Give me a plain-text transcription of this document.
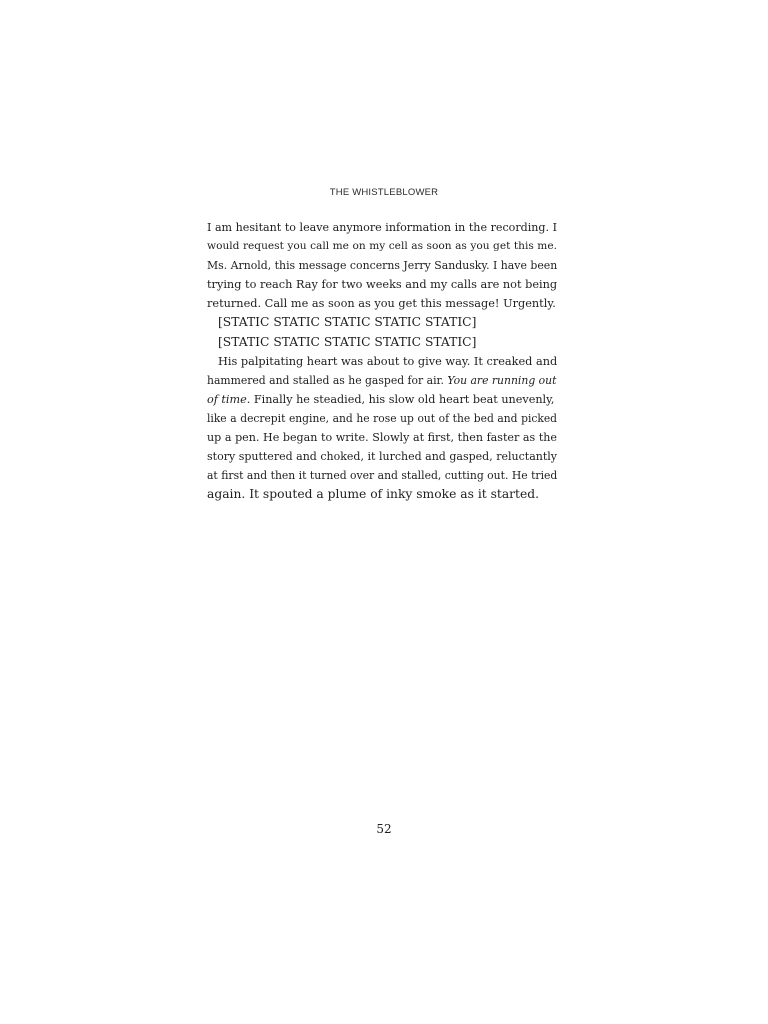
THE WHISTLEBLOWER
I am hesitant to leave anymore information in the recording. I
would request you call me on my cell as soon as you get this me.
Ms. Arnold, this message concerns Jerry Sandusky. I have been
trying to reach Ray for two weeks and my calls are not being
returned. Call me as soon as you get this message! Urgently.
[STATIC STATIC STATIC STATIC STATIC]
[STATIC STATIC STATIC STATIC STATIC]
His palpitating heart was about to give way. It creaked and
hammered and stalled as he gasped for air. You are running out
of time. Finally he steadied, his slow old heart beat unevenly,
like a decrepit engine, and he rose up out of the bed and picked
up a pen. He began to write. Slowly at first, then faster as the
story sputtered and choked, it lurched and gasped, reluctantly
at first and then it turned over and stalled, cutting out. He tried
again. It spouted a plume of inky smoke as it started.
52
